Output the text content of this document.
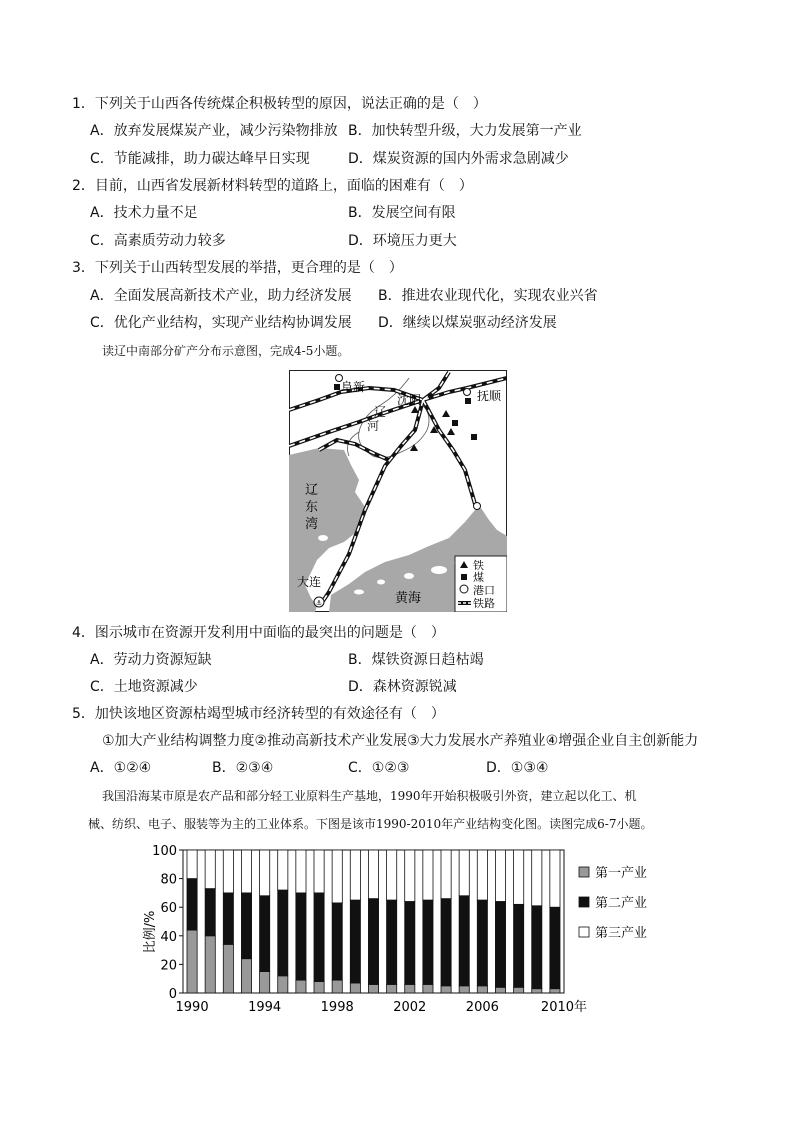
1．下列关于山西各传统煤企积极转型的原因，说法正确的是（　）
A．放弃发展煤炭产业，减少污染物排放 B．加快转型升级，大力发展第一产业
C．节能减排，助力碳达峰早日实现	D．煤炭资源的国内外需求急剧减少
2．目前，山西省发展新材料转型的道路上，面临的困难有（　）
A．技术力量不足	B．发展空间有限
C．高素质劳动力较多	D．环境压力更大
3．下列关于山西转型发展的举措，更合理的是（　）
A．全面发展高新技术产业，助力经济发展 B．推进农业现代化，实现农业兴省
C．优化产业结构，实现产业结构协调发展 D．继续以煤炭驱动经济发展
读辽中南部分矿产分布示意图，完成4-5小题。
⚓
阜新
沈阳	抚顺
大连
辽
河
辽
东
湾
黄海
铁
煤
港口
铁路
4．图示城市在资源开发利用中面临的最突出的问题是（　）
A．劳动力资源短缺	B．煤铁资源日趋枯竭
C．土地资源减少	D．森林资源锐减
5．加快该地区资源枯竭型城市经济转型的有效途径有（　）
①加大产业结构调整力度②推动高新技术产业发展③大力发展水产养殖业④增强企业自主创新能力
A．①②④	B．②③④	C．①②③	D．①③④
我国沿海某市原是农产品和部分轻工业原料生产基地，1990年开始积极吸引外资，建立起以化工、机
械、纺织、电子、服装等为主的工业体系。下图是该市1990-2010年产业结构变化图。读图完成6-7小题。
比例/%
0
20
40
60
80
100
1990	1994	1998	2002	2006	2010年
第一产业
第二产业
第三产业
